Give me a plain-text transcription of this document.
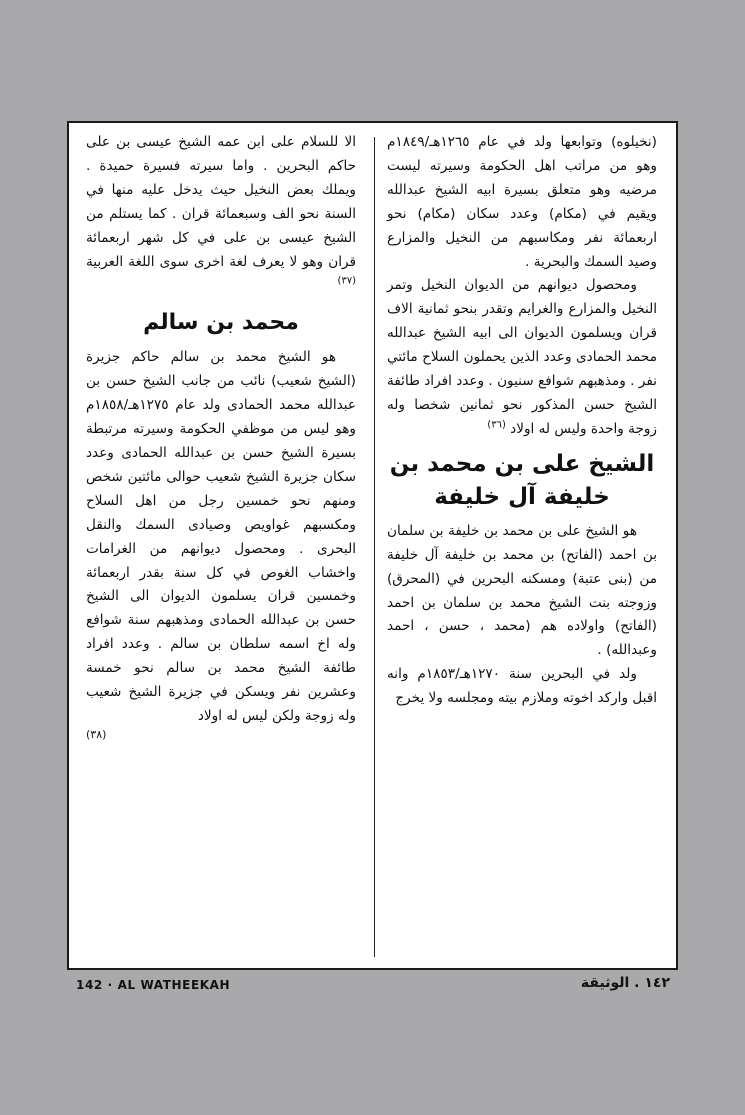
(نخيلوه) وتوابعها ولد في عام ١٢٦٥هـ/١٨٤٩م وهو من مراتب اهل الحكومة وسيرته ليست مرضيه وهو متعلق بسيرة ابيه الشيخ عبدالله ويقيم في (مكام) وعدد سكان (مكام) نحو اربعمائة نفر ومكاسبهم من النخيل والمزارع وصيد السمك والبحرية .

ومحصول ديوانهم من الديوان النخيل وتمر النخيل والمزارع والغرايم وتقدر بنحو ثمانية الاف قران ويسلمون الديوان الى ابيه الشيخ عبدالله محمد الحمادى وعدد الذين يحملون السلاح مائتي نفر . ومذهبهم شوافع سنيون . وعدد افراد طائفة الشيخ حسن المذكور نحو ثمانين شخصا وله زوجة واحدة وليس له اولاد $^{(٣٦)}$

الشيخ على بن محمد بن خليفة آل خليفة

هو الشيخ على بن محمد بن خليفة بن سلمان بن احمد (الفاتح) بن محمد بن خليفة آل خليفة من (بنى عتبة) ومسكنه البحرين في (المحرق) وزوجته بنت الشيخ محمد بن سلمان بن احمد (الفاتح) واولاده هم (محمد ، حسن ، احمد وعبدالله) .

ولد في البحرين سنة ١٢٧٠هـ/١٨٥٣م وانه اقبل واركد اخوته وملازم بيته ومجلسه ولا يخرج

الا للسلام على ابن عمه الشيخ عيسى بن على حاكم البحرين . واما سيرته فسيرة حميدة . ويملك بعض النخيل حيث يدخل عليه منها في السنة نحو الف وسبعمائة قران . كما يستلم من الشيخ عيسى بن على في كل شهر اربعمائة قران وهو لا يعرف لغة اخرى سوى اللغة العربية $^{(٣٧)}$

محمد بن سالم

هو الشيخ محمد بن سالم حاكم جزيرة (الشيخ شعيب) نائب من جانب الشيخ حسن بن عبدالله محمد الحمادى ولد عام ١٢٧٥هـ/١٨٥٨م وهو ليس من موظفي الحكومة وسيرته مرتبطة بسيرة الشيخ حسن بن عبدالله الحمادى وعدد سكان جزيرة الشيخ شعيب حوالى مائتين شخص ومنهم نحو خمسين رجل من اهل السلاح ومكسبهم غواويص وصيادى السمك والنقل البحرى . ومحصول ديوانهم من الغرامات واخشاب الغوص في كل سنة بقدر اربعمائة وخمسين قران يسلمون الديوان الى الشيخ حسن بن عبدالله الحمادى ومذهبهم سنة شوافع وله اخ اسمه سلطان بن سالم . وعدد افراد طائفة الشيخ محمد بن سالم نحو خمسة وعشرين نفر ويسكن في جزيرة الشيخ شعيب وله زوجة ولكن ليس له اولاد

(٣٨)
142 · AL WATHEEKAH	١٤٢ . الوثيقة
